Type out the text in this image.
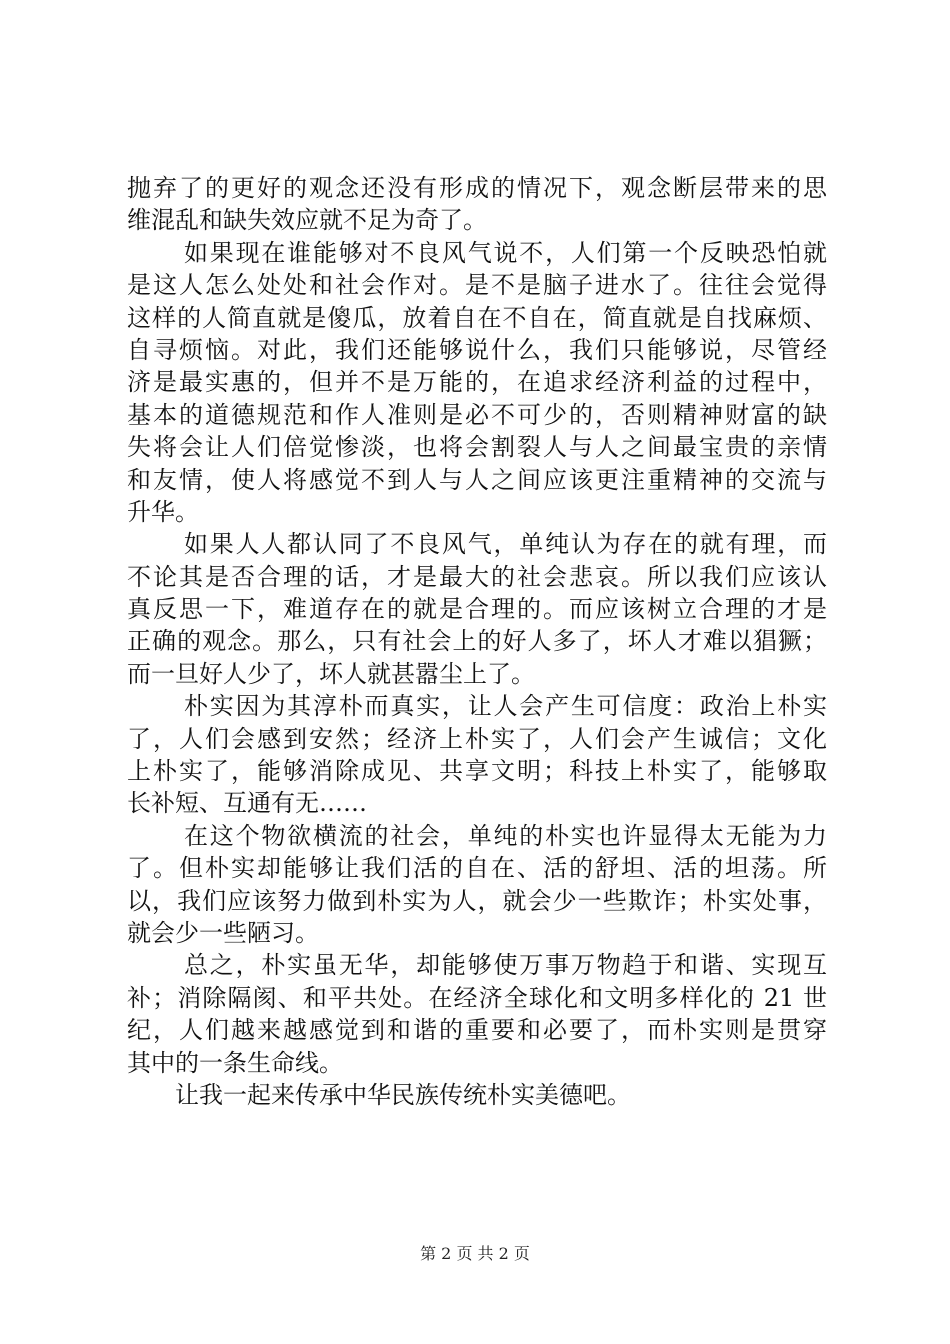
抛弃了的更好的观念还没有形成的情况下，观念断层带来的思
维混乱和缺失效应就不足为奇了。
如果现在谁能够对不良风气说不，人们第一个反映恐怕就
是这人怎么处处和社会作对。是不是脑子进水了。往往会觉得
这样的人简直就是傻瓜，放着自在不自在，简直就是自找麻烦、
自寻烦恼。对此，我们还能够说什么，我们只能够说，尽管经
济是最实惠的，但并不是万能的，在追求经济利益的过程中，
基本的道德规范和作人准则是必不可少的，否则精神财富的缺
失将会让人们倍觉惨淡，也将会割裂人与人之间最宝贵的亲情
和友情，使人将感觉不到人与人之间应该更注重精神的交流与
升华。
如果人人都认同了不良风气，单纯认为存在的就有理，而
不论其是否合理的话，才是最大的社会悲哀。所以我们应该认
真反思一下，难道存在的就是合理的。而应该树立合理的才是
正确的观念。那么，只有社会上的好人多了，坏人才难以猖獗；
而一旦好人少了，坏人就甚嚣尘上了。
朴实因为其淳朴而真实，让人会产生可信度：政治上朴实
了，人们会感到安然；经济上朴实了，人们会产生诚信；文化
上朴实了，能够消除成见、共享文明；科技上朴实了，能够取
长补短、互通有无……
在这个物欲横流的社会，单纯的朴实也许显得太无能为力
了。但朴实却能够让我们活的自在、活的舒坦、活的坦荡。所
以，我们应该努力做到朴实为人，就会少一些欺诈；朴实处事，
就会少一些陋习。
总之，朴实虽无华，却能够使万事万物趋于和谐、实现互
补；消除隔阂、和平共处。在经济全球化和文明多样化的 21 世
纪，人们越来越感觉到和谐的重要和必要了，而朴实则是贯穿
其中的一条生命线。
让我一起来传承中华民族传统朴实美德吧。
第 2 页 共 2 页
